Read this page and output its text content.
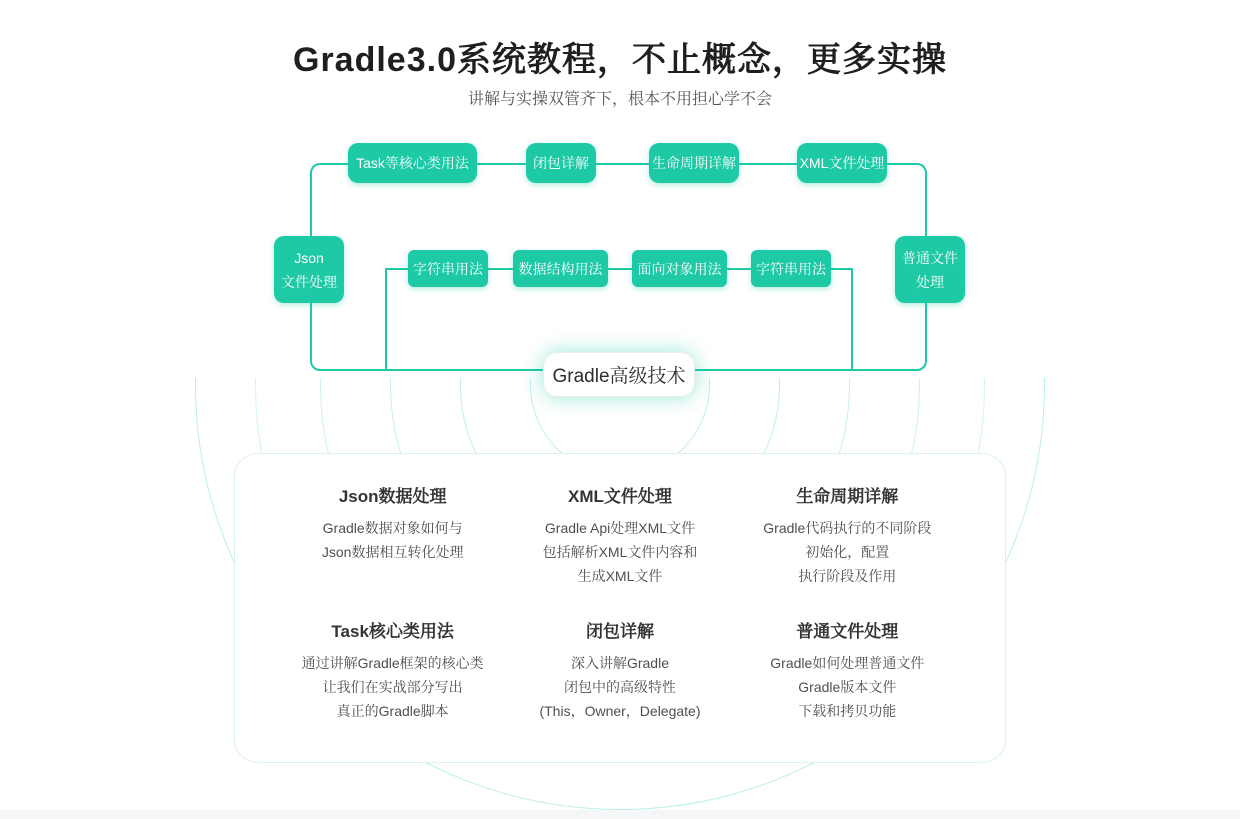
Gradle3.0系统教程，不止概念，更多实操
讲解与实操双管齐下，根本不用担心学不会
Task等核心类用法	闭包详解	生命周期详解	XML文件处理
Json
文件处理
普通文件
处理
字符串用法	数据结构用法	面向对象用法	字符串用法
Gradle高级技术
Json数据处理

Gradle数据对象如何与

Json数据相互转化处理

XML文件处理

Gradle Api处理XML文件

包括解析XML文件内容和

生成XML文件

生命周期详解

Gradle代码执行的不同阶段

初始化，配置

执行阶段及作用

Task核心类用法

通过讲解Gradle框架的核心类

让我们在实战部分写出

真正的Gradle脚本

闭包详解

深入讲解Gradle

闭包中的高级特性

(This，Owner，Delegate)

普通文件处理

Gradle如何处理普通文件

Gradle版本文件

下载和拷贝功能
